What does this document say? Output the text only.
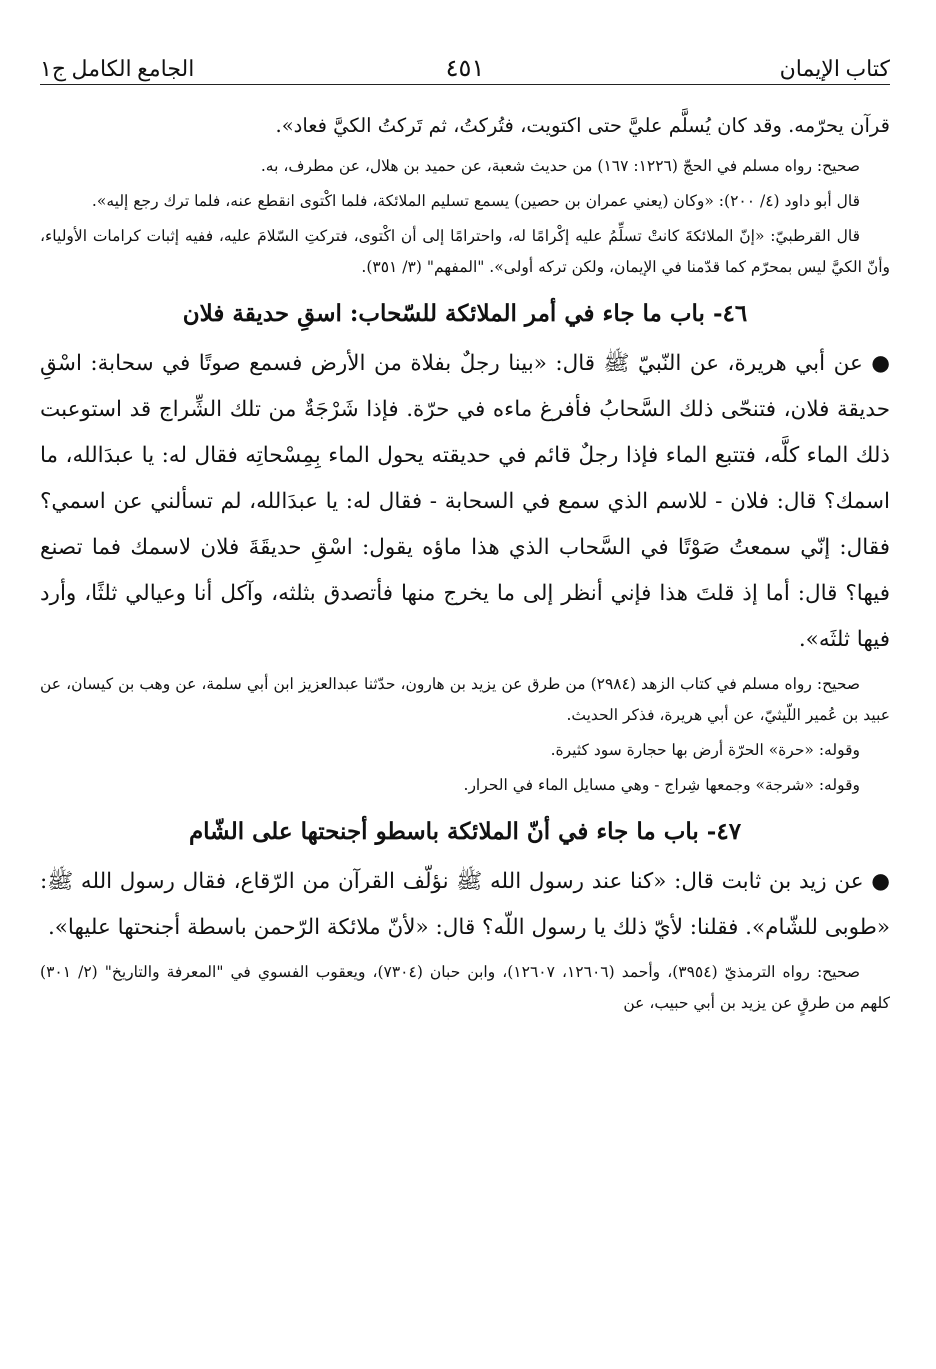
كتاب الإيمان
٤٥١
الجامع الكامل ج١

قرآن يحرّمه. وقد كان يُسلَّم عليَّ حتى اكتويت، فتُركتُ، ثم تَركتُ الكيَّ فعاد».

صحيح: رواه مسلم في الحجّ (١٢٢٦: ١٦٧) من حديث شعبة، عن حميد بن هلال، عن مطرف، به.

قال أبو داود (٤/ ٢٠٠): «وكان (يعني عمران بن حصين) يسمع تسليم الملائكة، فلما اكْتوى انقطع عنه، فلما ترك رجع إليه».

قال القرطبيّ: «إنّ الملائكةَ كانتْ تسلِّمُ عليه إكْرامًا له، واحترامًا إلى أن اكْتوى، فتركتِ السّلامَ عليه، ففيه إثبات كرامات الأولياء، وأنّ الكيَّ ليس بمحرّم كما قدّمنا في الإيمان، ولكن تركه أولى». "المفهم" (٣/ ٣٥١).

٤٦- باب ما جاء في أمر الملائكة للسّحاب: اسقِ حديقة فلان

● عن أبي هريرة، عن النّبيّ ﷺ قال: «بينا رجلٌ بفلاة من الأرض فسمع صوتًا في سحابة: اسْقِ حديقة فلان، فتنحّى ذلك السَّحابُ فأفرغ ماءه في حرّة. فإذا شَرْجَةٌ من تلك الشِّراج قد استوعبت ذلك الماء كلَّه، فتتبع الماء فإذا رجلٌ قائم في حديقته يحول الماء بِمِسْحاتِه فقال له: يا عبدَالله، ما اسمك؟ قال: فلان - للاسم الذي سمع في السحابة - فقال له: يا عبدَالله، لم تسألني عن اسمي؟ فقال: إنّي سمعتُ صَوْتًا في السَّحاب الذي هذا ماؤه يقول: اسْقِ حديقَةَ فلان لاسمك فما تصنع فيها؟ قال: أما إذ قلتَ هذا فإني أنظر إلى ما يخرج منها فأتصدق بثلثه، وآكل أنا وعيالي ثلثًا، وأرد فيها ثلثَه».

صحيح: رواه مسلم في كتاب الزهد (٢٩٨٤) من طرق عن يزيد بن هارون، حدّثنا عبدالعزيز ابن أبي سلمة، عن وهب بن كيسان، عن عبيد بن عُمير اللّيثيّ، عن أبي هريرة، فذكر الحديث.

وقوله: «حرة» الحرّة أرض بها حجارة سود كثيرة.

وقوله: «شرجة» وجمعها شِراج - وهي مسايل الماء في الحرار.

٤٧- باب ما جاء في أنّ الملائكة باسطو أجنحتها على الشّام

● عن زيد بن ثابت قال: «كنا عند رسول الله ﷺ نؤلّف القرآن من الرّقاع، فقال رسول الله ﷺ: «طوبى للشّام». فقلنا: لأيّ ذلك يا رسول اللّه؟ قال: «لأنّ ملائكة الرّحمن باسطة أجنحتها عليها».

صحيح: رواه الترمذيّ (٣٩٥٤)، وأحمد (١٢٦٠٦، ١٢٦٠٧)، وابن حبان (٧٣٠٤)، ويعقوب الفسوي في "المعرفة والتاريخ" (٢/ ٣٠١) كلهم من طرقٍ عن يزيد بن أبي حبيب، عن
